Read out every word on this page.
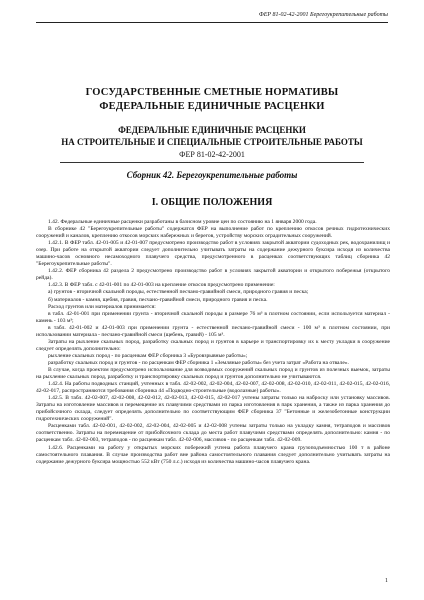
ФЕР 81-02-42-2001 Берегоукрепительные работы
ГОСУДАРСТВЕННЫЕ СМЕТНЫЕ НОРМАТИВЫ
ФЕДЕРАЛЬНЫЕ ЕДИНИЧНЫЕ РАСЦЕНКИ
ФЕДЕРАЛЬНЫЕ ЕДИНИЧНЫЕ РАСЦЕНКИ
НА СТРОИТЕЛЬНЫЕ И СПЕЦИАЛЬНЫЕ СТРОИТЕЛЬНЫЕ РАБОТЫ
ФЕР 81-02-42-2001
Сборник 42. Берегоукрепительные работы
I. ОБЩИЕ ПОЛОЖЕНИЯ

1.42. Федеральные единичные расценки разработаны в базисном уровне цен по состоянию на 1 января 2000 года.

В сборнике 42 "Берегоукрепительные работы" содержатся ФЕР на выполнение работ по креплению откосов речных гидротехнических сооружений и каналов, креплению откосов морских набережных и берегов, устройству морских оградительных сооружений.

1.42.1. В ФЕР табл. 42-01-005 и 42-01-007 предусмотрено производство работ в условиях закрытой акватории судоходных рек, водохранилищ и озер. При работе на открытой акватории следует дополнительно учитывать затраты на содержание дежурного буксира исходя из количества машино-часов основного несамоходного плавучего средства, предусмотренного в расценках соответствующих таблиц сборника 42 "Берегоукрепительные работы".

1.42.2. ФЕР сборника 42 раздела 2 предусмотрено производство работ в условиях закрытой акватории и открытого побережья (открытого рейда).

1.42.3. В ФЕР табл. с 42-01-001 по 42-01-003 на крепление откосов предусмотрено применение:

а) грунтов - вторичной скальной породы, естественной песчано-гравийной смеси, природного гравия и песка;

б) материалов - камня, щебня, гравия, песчано-гравийной смеси, природного гравия и песка.

Расход грунтов или материалов принимается:

в табл. 42-01-001 при применении грунта - вторичной скальной породы в размере 76 м³ в плотном состоянии, если используется материал - камень - 103 м³;

в табл. 42-01-002 и 42-01-003 при применении грунта - естественной песчано-гравийной смеси - 100 м³ в плотном состоянии, при использовании материала - песчано-гравийной смеси (щебень, гравий) - 105 м³.

Затраты на рыхление скальных пород, разработку скальных пород и грунтов в карьере и транспортировку их к месту укладки в сооружение следует определять дополнительно:

рыхление скальных пород - по расценкам ФЕР сборника 3 «Буровзрывные работы»;

разработку скальных пород и грунтов - по расценкам ФЕР сборника 1 «Земляные работы» без учета затрат «Работа на отвале».

В случае, когда проектом предусмотрено использование для возводимых сооружений скальных пород и грунтов из полезных выемок, затраты на рыхление скальных пород, разработку и транспортировку скальных пород и грунтов дополнительно не учитываются.

1.42.4. На работы подводных станций, учтенных в табл. 42-02-002, 42-02-004, 42-02-007, 42-02-008, 42-02-010, 42-02-011, 42-02-015, 42-02-016, 42-02-017, распространяются требования сборника 44 «Подводно-строительные (водолазные) работы».

1.42.5. В табл. 42-02-007, 42-02-008, 42-02-012, 42-02-013, 42-02-015, 42-02-017 учтены затраты только на наброску или установку массивов. Затраты на изготовление массивов и перемещение их плавучими средствами из парка изготовления в парк хранения, а также из парка хранения до прибойсочного склада, следует определять дополнительно по соответствующим ФЕР сборника 37 "Бетонные и железобетонные конструкции гидротехнических сооружений".

Расценками табл. 42-02-001, 42-02-002, 42-02-004, 42-02-005 и 42-02-008 учтены затраты только на укладку камня, тетраподов и массивов соответственно. Затраты на перемещение от прибойсочного склада до места работ плавучими средствами определять дополнительно: камня - по расценкам табл. 42-02-003, тетраподов - по расценкам табл. 42-02-006, массивов - по расценкам табл. 42-02-009.

1.42.6. Расценками на работу у открытых морских побережий учтена работа плавучего крана грузоподъемностью 100 т в районе самостоятельного плавания. В случае производства работ вне района самостоятельного плавания следует дополнительно учитывать затраты на содержание дежурного буксира мощностью 552 кВт (750 л.с.) исходя из количества машино-часов плавучего крана.

1
